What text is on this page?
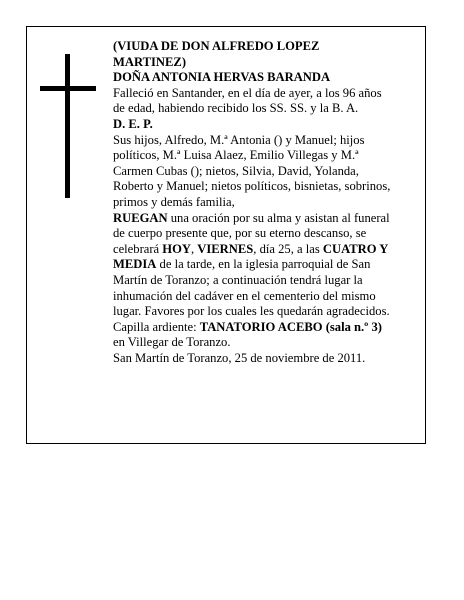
(VIUDA DE DON ALFREDO LOPEZ
MARTINEZ)
DOÑA ANTONIA HERVAS BARANDA
Falleció en Santander, en el día de ayer, a los 96 años
de edad, habiendo recibido los SS. SS. y la B. A.
D. E. P.
Sus hijos, Alfredo, M.ª Antonia () y Manuel; hijos
políticos, M.ª Luisa Alaez, Emilio Villegas y M.ª
Carmen Cubas (); nietos, Silvia, David, Yolanda,
Roberto y Manuel; nietos políticos, bisnietas, sobrinos,
primos y demás familia,
RUEGAN una oración por su alma y asistan al funeral
de cuerpo presente que, por su eterno descanso, se
celebrará HOY, VIERNES, día 25, a las CUATRO Y
MEDIA de la tarde, en la iglesia parroquial de San
Martín de Toranzo; a continuación tendrá lugar la
inhumación del cadáver en el cementerio del mismo
lugar. Favores por los cuales les quedarán agradecidos.
Capilla ardiente: TANATORIO ACEBO (sala n.º 3)
en Villegar de Toranzo.
San Martín de Toranzo, 25 de noviembre de 2011.
